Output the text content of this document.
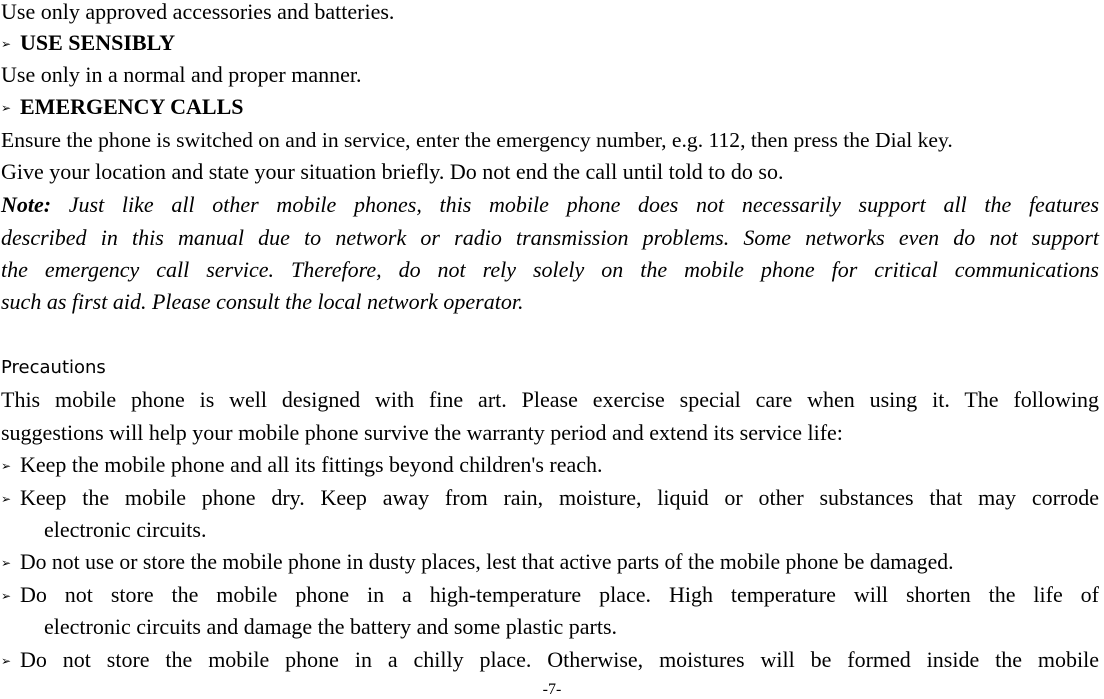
Use only approved accessories and batteries.
➢ USE SENSIBLY
Use only in a normal and proper manner.
➢ EMERGENCY CALLS
Ensure the phone is switched on and in service, enter the emergency number, e.g. 112, then press the Dial key.
Give your location and state your situation briefly. Do not end the call until told to do so.
Note: Just like all other mobile phones, this mobile phone does not necessarily support all the features
described in this manual due to network or radio transmission problems. Some networks even do not support
the emergency call service. Therefore, do not rely solely on the mobile phone for critical communications
such as first aid. Please consult the local network operator.
Precautions
This mobile phone is well designed with fine art. Please exercise special care when using it. The following
suggestions will help your mobile phone survive the warranty period and extend its service life:
➢ Keep the mobile phone and all its fittings beyond children's reach.
➢ Keep the mobile phone dry. Keep away from rain, moisture, liquid or other substances that may corrode
electronic circuits.
➢ Do not use or store the mobile phone in dusty places, lest that active parts of the mobile phone be damaged.
➢ Do not store the mobile phone in a high-temperature place. High temperature will shorten the life of
electronic circuits and damage the battery and some plastic parts.
➢ Do not store the mobile phone in a chilly place. Otherwise, moistures will be formed inside the mobile
-7-
